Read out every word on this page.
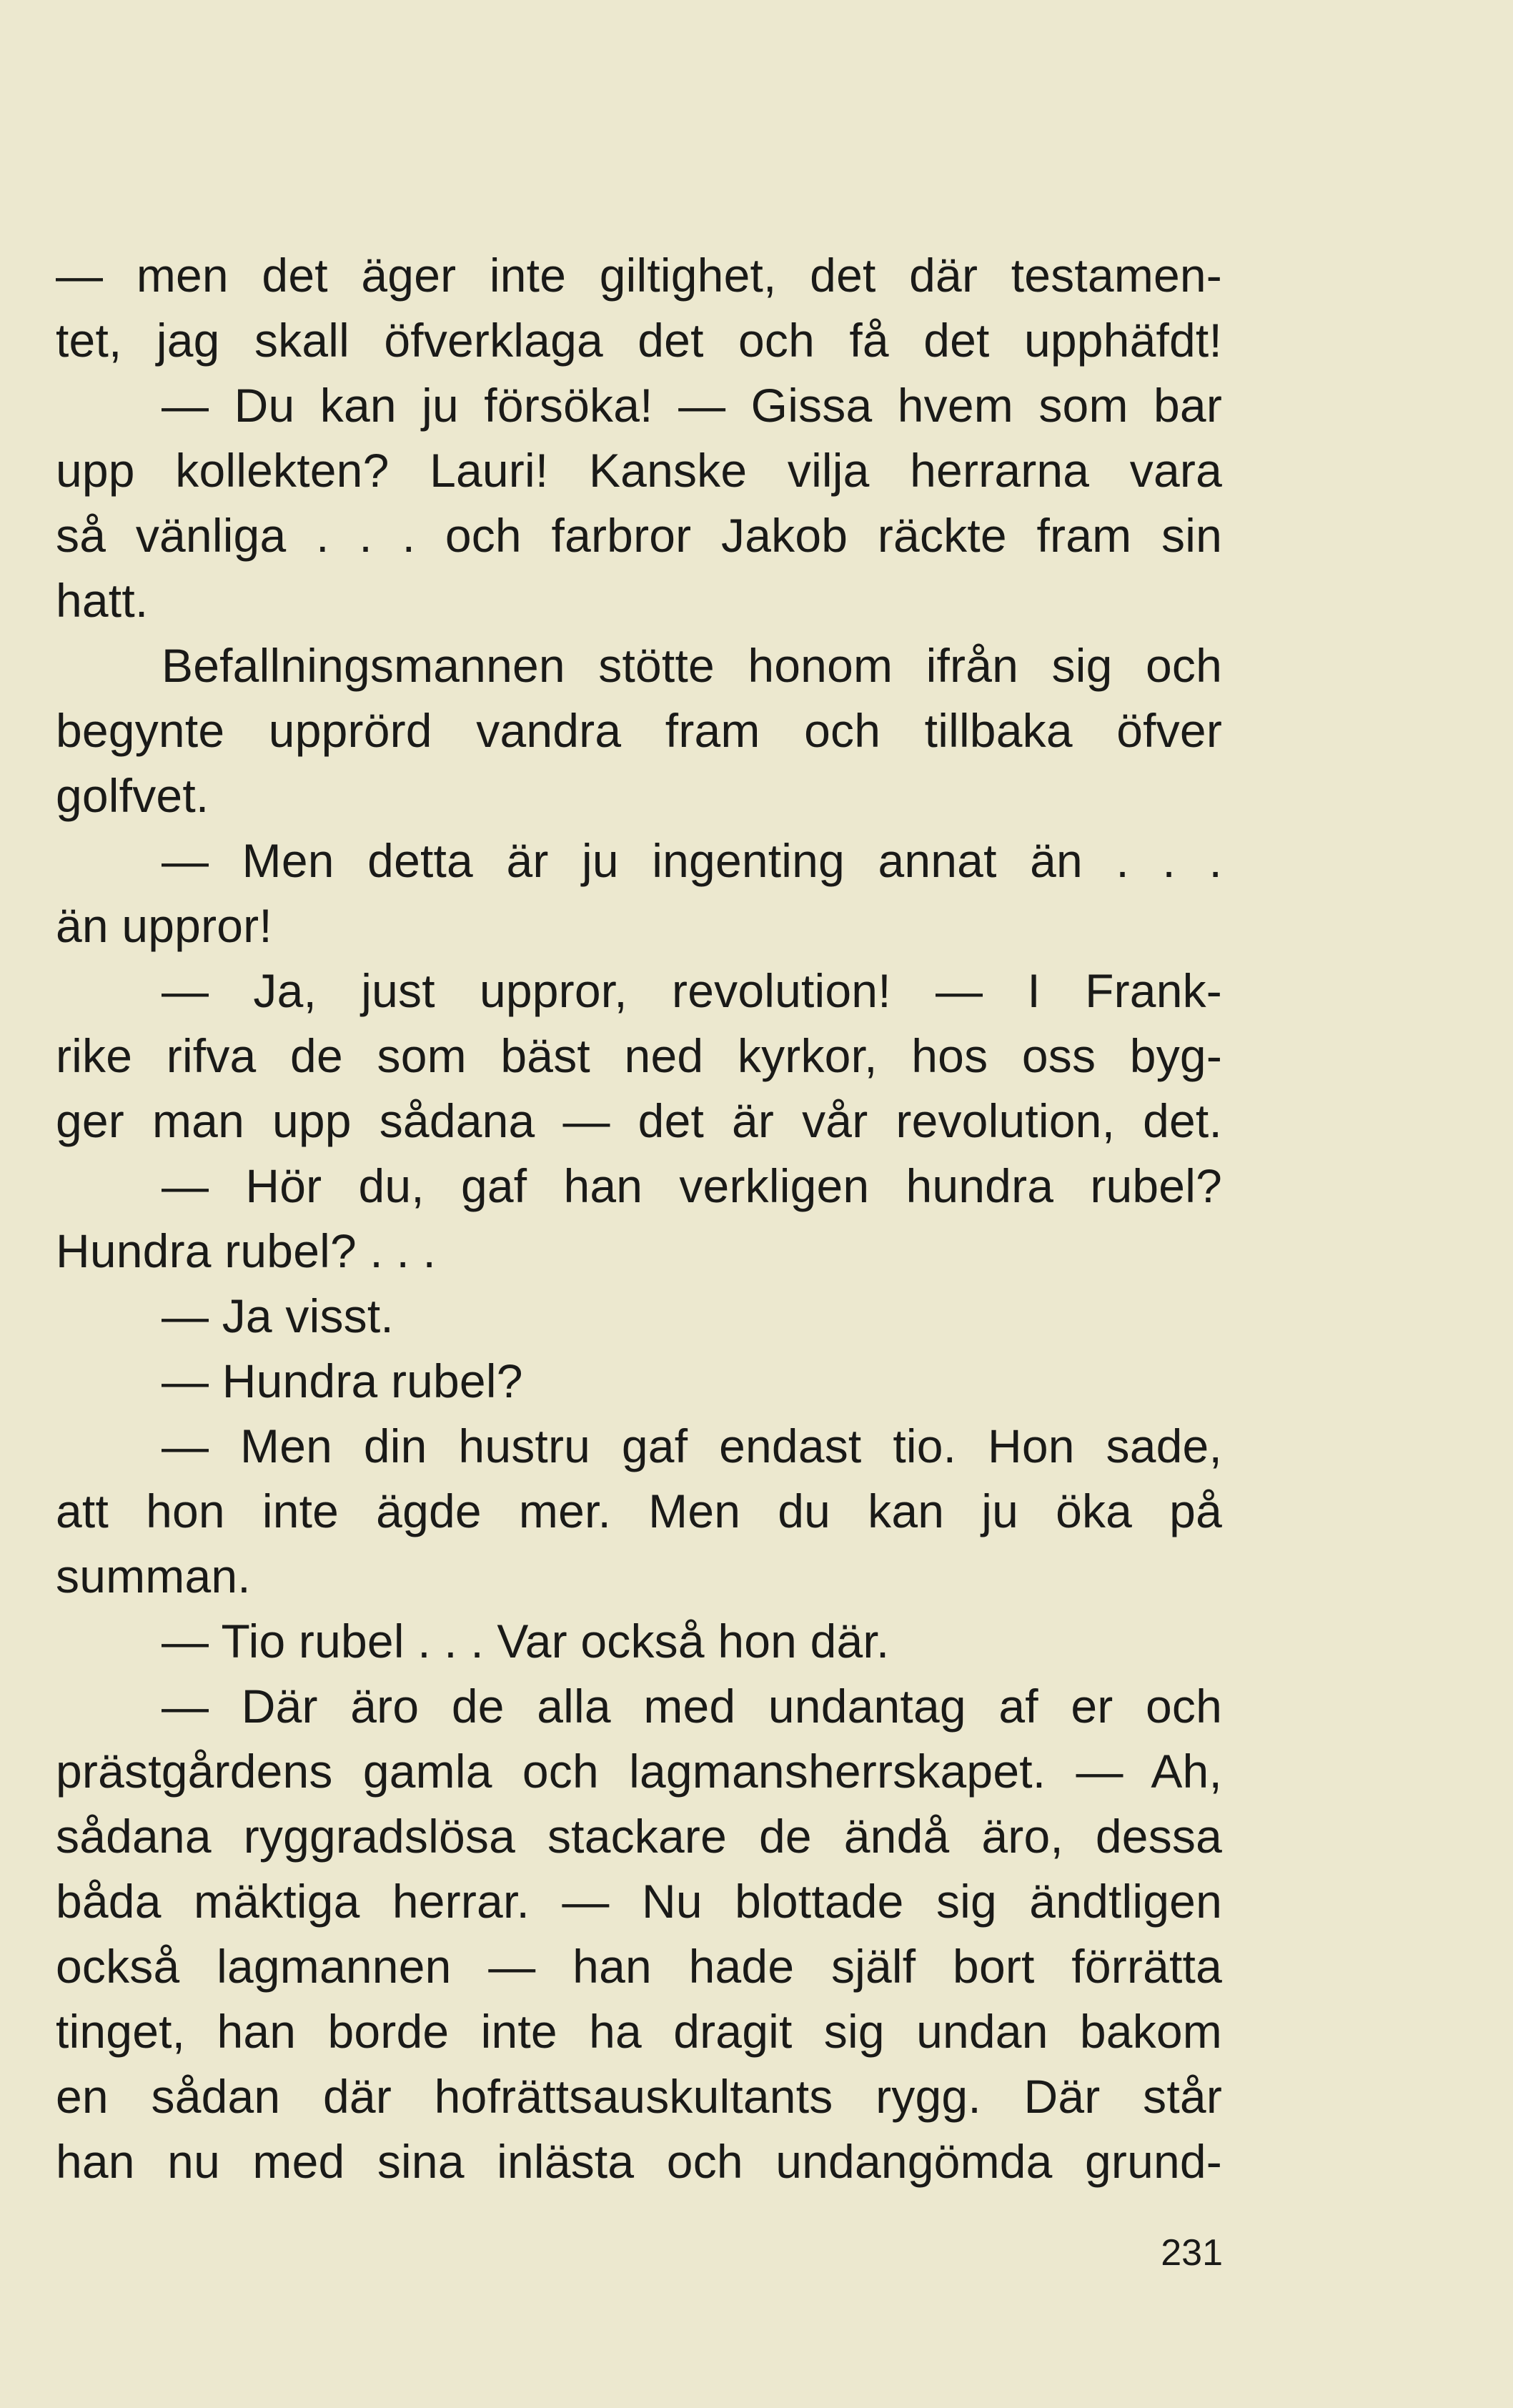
— men det äger inte giltighet, det där testamen-
tet, jag skall öfverklaga det och få det upphäfdt!
— Du kan ju försöka! — Gissa hvem som bar
upp kollekten? Lauri! Kanske vilja herrarna vara
så vänliga . . . och farbror Jakob räckte fram sin
hatt.
Befallningsmannen stötte honom ifrån sig och
begynte upprörd vandra fram och tillbaka öfver
golfvet.
— Men detta är ju ingenting annat än . . .
än uppror!
— Ja, just uppror, revolution! — I Frank-
rike rifva de som bäst ned kyrkor, hos oss byg-
ger man upp sådana — det är vår revolution, det.
— Hör du, gaf han verkligen hundra rubel?
Hundra rubel? . . .
— Ja visst.
— Hundra rubel?
— Men din hustru gaf endast tio. Hon sade,
att hon inte ägde mer. Men du kan ju öka på
summan.
— Tio rubel . . . Var också hon där.
— Där äro de alla med undantag af er och
prästgårdens gamla och lagmansherrskapet. — Ah,
sådana ryggradslösa stackare de ändå äro, dessa
båda mäktiga herrar. — Nu blottade sig ändtligen
också lagmannen — han hade själf bort förrätta
tinget, han borde inte ha dragit sig undan bakom
en sådan där hofrättsauskultants rygg. Där står
han nu med sina inlästa och undangömda grund-
231
